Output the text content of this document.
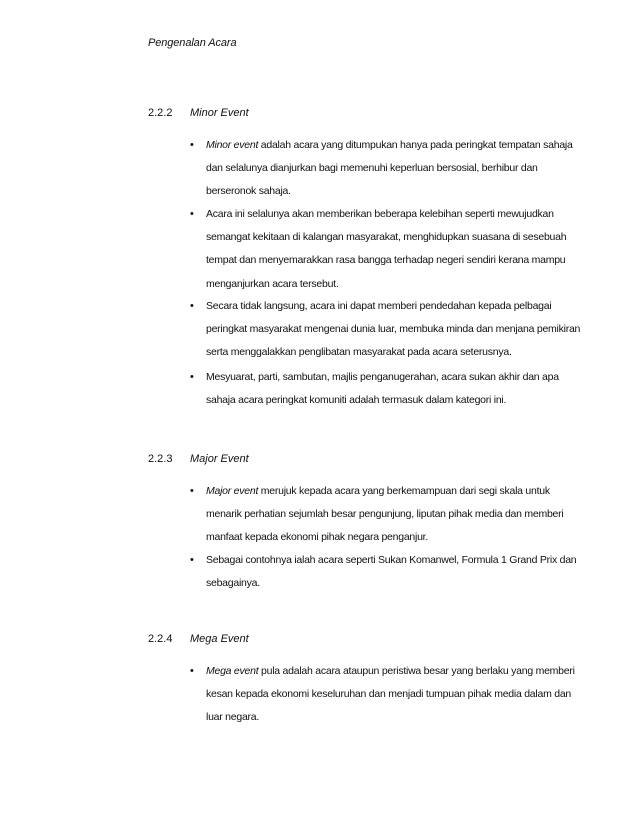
Pengenalan Acara
2.2.2 Minor Event
• Minor event adalah acara yang ditumpukan hanya pada peringkat tempatan sahaja
dan selalunya dianjurkan bagi memenuhi keperluan bersosial, berhibur dan
berseronok sahaja.
• Acara ini selalunya akan memberikan beberapa kelebihan seperti mewujudkan
semangat kekitaan di kalangan masyarakat, menghidupkan suasana di sesebuah
tempat dan menyemarakkan rasa bangga terhadap negeri sendiri kerana mampu
menganjurkan acara tersebut.
• Secara tidak langsung, acara ini dapat memberi pendedahan kepada pelbagai
peringkat masyarakat mengenai dunia luar, membuka minda dan menjana pemikiran
serta menggalakkan penglibatan masyarakat pada acara seterusnya.
• Mesyuarat, parti, sambutan, majlis penganugerahan, acara sukan akhir dan apa
sahaja acara peringkat komuniti adalah termasuk dalam kategori ini.
2.2.3 Major Event
• Major event merujuk kepada acara yang berkemampuan dari segi skala untuk
menarik perhatian sejumlah besar pengunjung, liputan pihak media dan memberi
manfaat kepada ekonomi pihak negara penganjur.
• Sebagai contohnya ialah acara seperti Sukan Komanwel, Formula 1 Grand Prix dan
sebagainya.
2.2.4 Mega Event
• Mega event pula adalah acara ataupun peristiwa besar yang berlaku yang memberi
kesan kepada ekonomi keseluruhan dan menjadi tumpuan pihak media dalam dan
luar negara.
